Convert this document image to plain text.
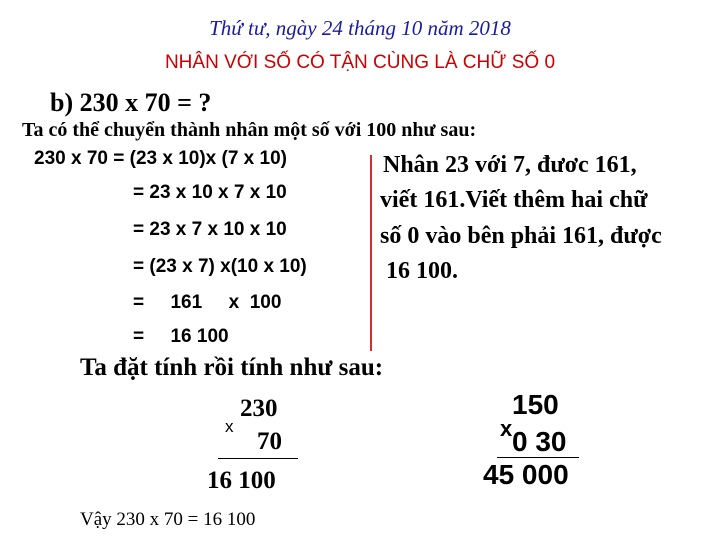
Thứ tư, ngày 24 tháng 10 năm 2018
NHÂN VỚI SỐ CÓ TẬN CÙNG LÀ CHỮ SỐ 0
b) 230 x 70 = ?
Ta có thể chuyển thành nhân một số với 100 như sau:
230 x 70 = (23 x 10)x (7 x 10)
= 23 x 10 x 7 x 10
= 23 x 7 x 10 x 10
= (23 x 7) x(10 x 10)
=     161     x  100
=     16 100
Nhân 23 với 7, đươc 161,
viết 161.Viết thêm hai chữ
số 0 vào bên phải 161, được
16 100.
Ta đặt tính rồi tính như sau:
230
x
70
16 100
150
x 0 30
45 000
Vậy 230 x 70 = 16 100
